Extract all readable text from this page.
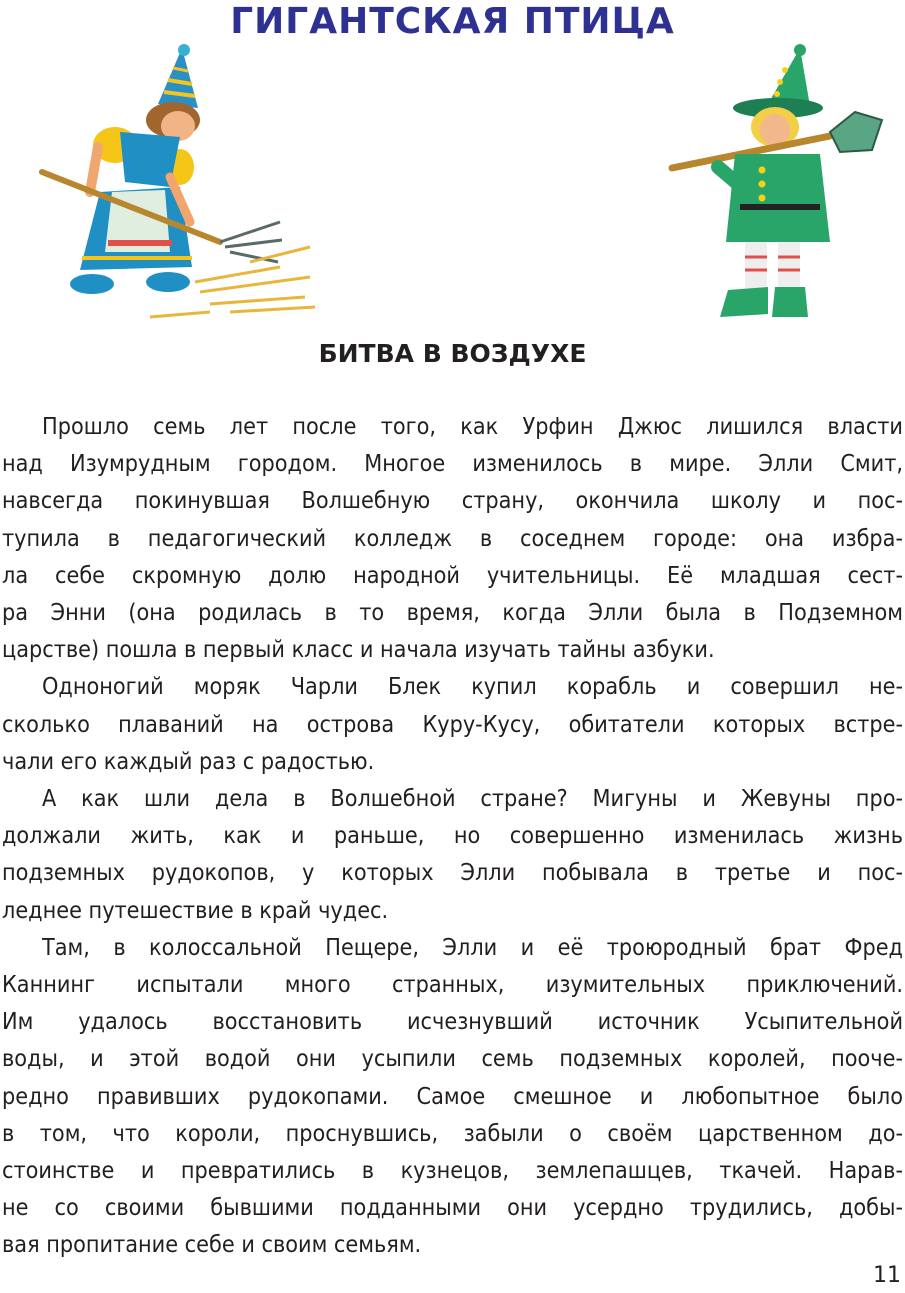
ГИГАНТСКАЯ ПТИЦА
БИТВА В ВОЗДУХЕ

Прошло семь лет после того, как Урфин Джюс лишился власти
над Изумрудным городом. Многое изменилось в мире. Элли Смит,
навсегда покинувшая Волшебную страну, окончила школу и пос-
тупила в педагогический колледж в соседнем городе: она избра-
ла себе скромную долю народной учительницы. Её младшая сест-
ра Энни (она родилась в то время, когда Элли была в Подземном
царстве) пошла в первый класс и начала изучать тайны азбуки.

Одноногий моряк Чарли Блек купил корабль и совершил не-
сколько плаваний на острова Куру-Кусу, обитатели которых встре-
чали его каждый раз с радостью.

А как шли дела в Волшебной стране? Мигуны и Жевуны про-
должали жить, как и раньше, но совершенно изменилась жизнь
подземных рудокопов, у которых Элли побывала в третье и пос-
леднее путешествие в край чудес.

Там, в колоссальной Пещере, Элли и её троюродный брат Фред
Каннинг испытали много странных, изумительных приключений.
Им удалось восстановить исчезнувший источник Усыпительной
воды, и этой водой они усыпили семь подземных королей, пооче-
редно правивших рудокопами. Самое смешное и любопытное было
в том, что короли, проснувшись, забыли о своём царственном до-
стоинстве и превратились в кузнецов, землепашцев, ткачей. Нарав-
не со своими бывшими подданными они усердно трудились, добы-
вая пропитание себе и своим семьям.

11
